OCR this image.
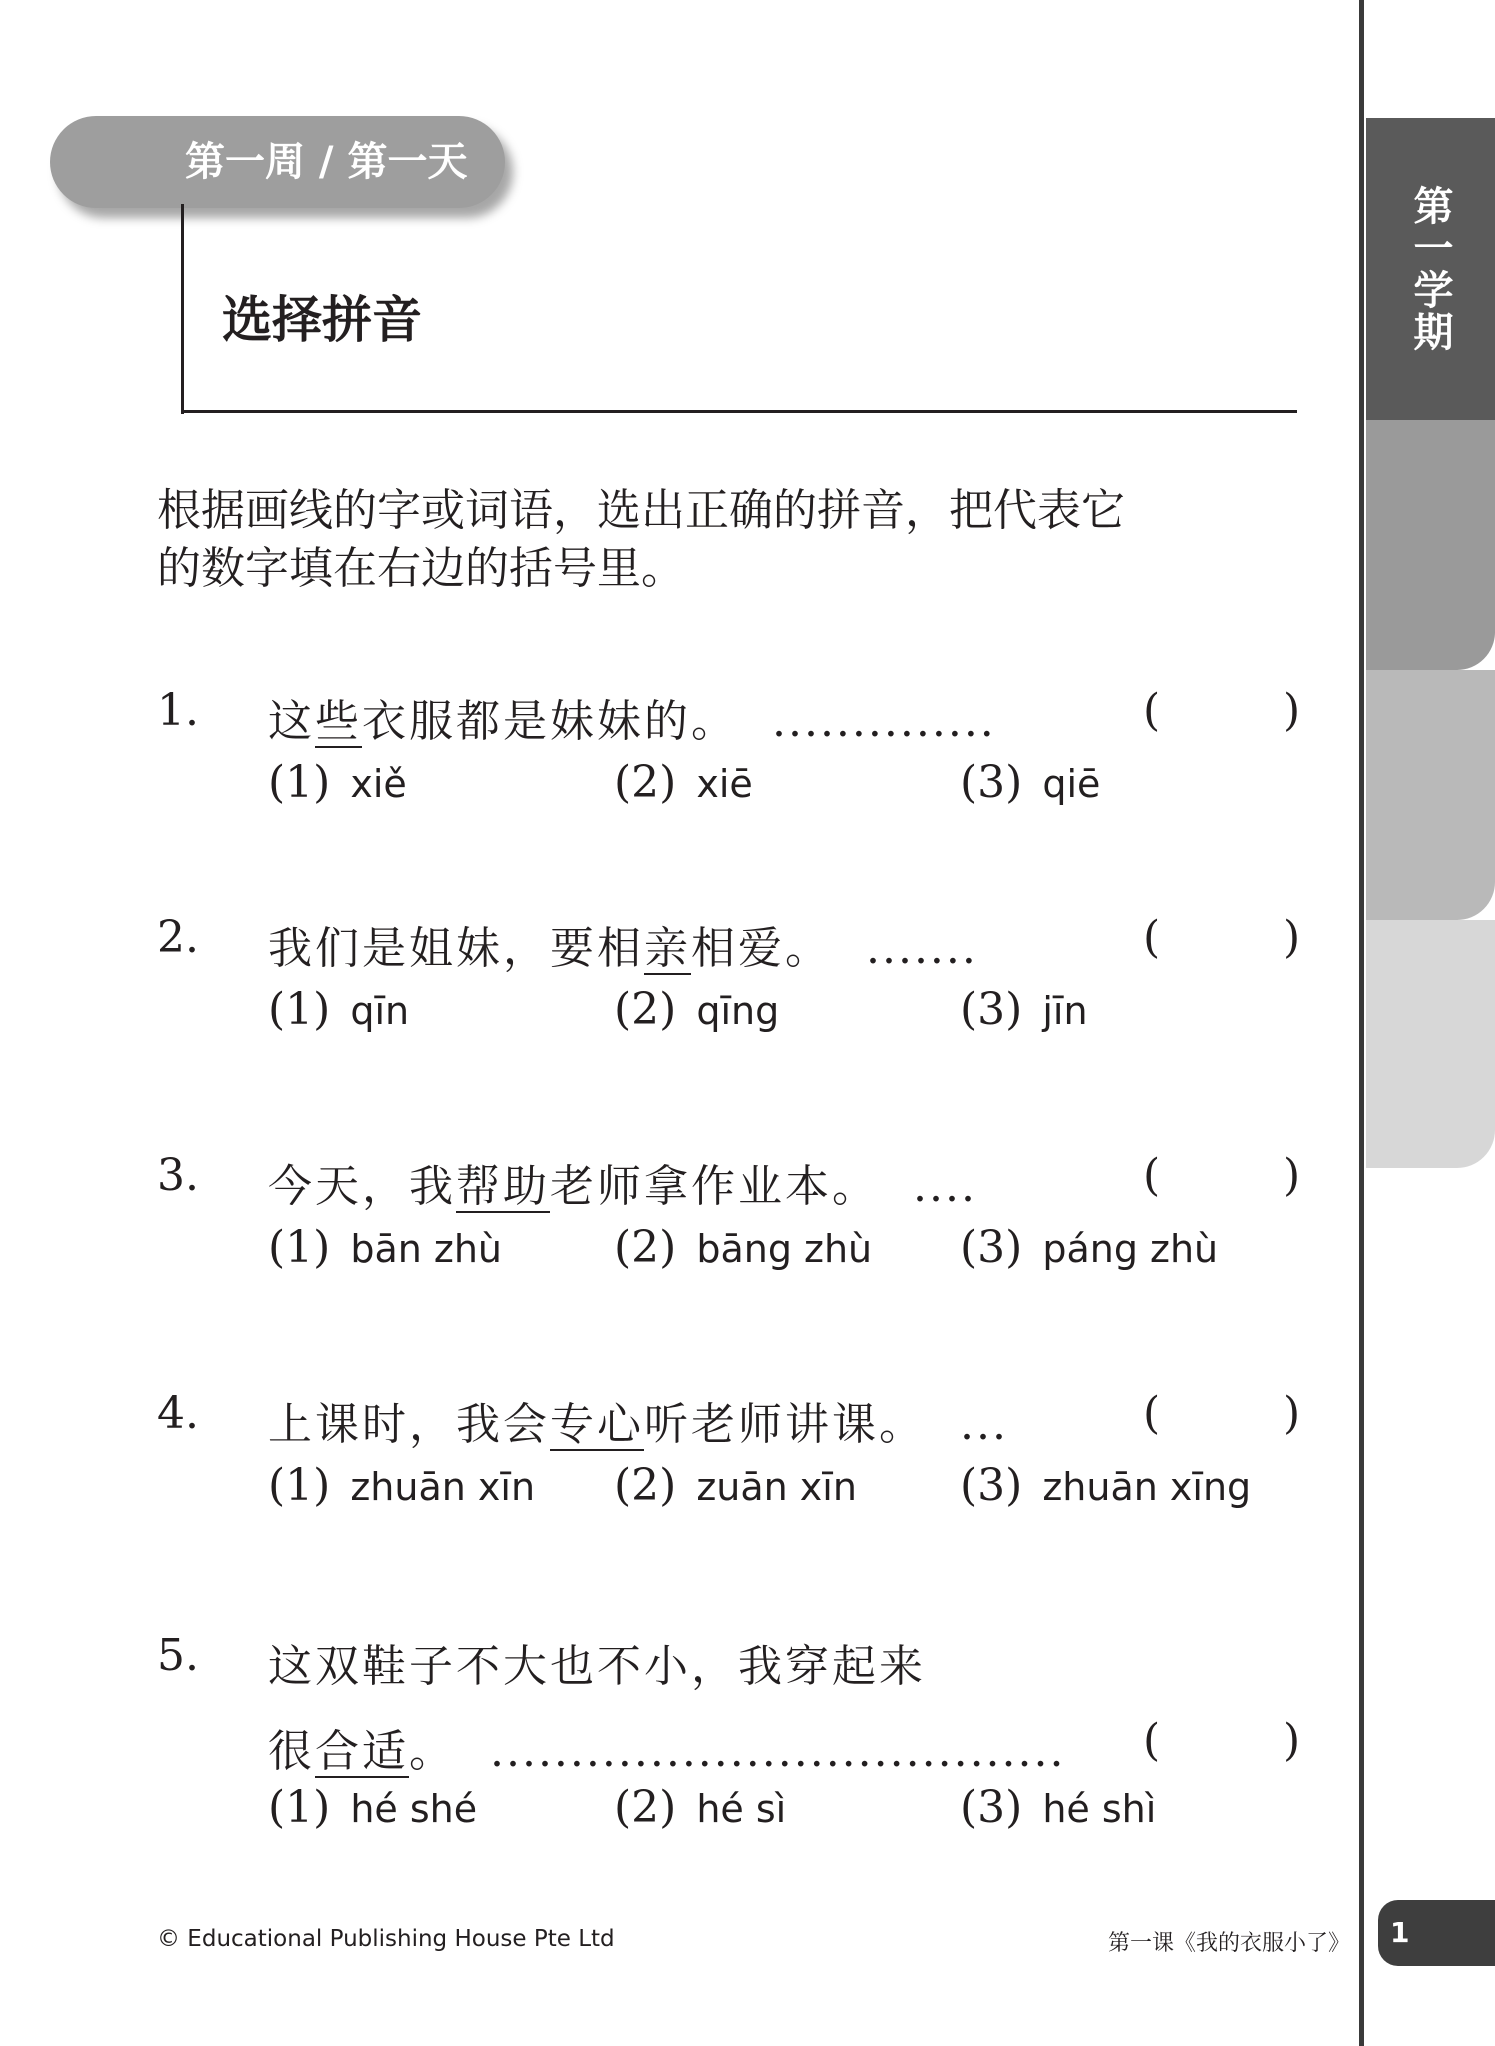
第一学期
第一周 / 第一天
选择拼音
根据画线的字或词语，选出正确的拼音，把代表它
的数字填在右边的括号里。
1. 这些衣服都是妹妹的。 ..............	(	)
(1) xiě	(2) xiē	(3) qiē
2. 我们是姐妹，要相亲相爱。 .......	(	)
(1) qīn	(2) qīng	(3) jīn
3. 今天，我帮助老师拿作业本。 ....	(	)
(1) bān zhù	(2) bāng zhù (3) páng zhù
4. 上课时，我会专心听老师讲课。 ...	(	)
(1) zhuān xīn (2) zuān xīn (3) zhuān xīng
5. 这双鞋子不大也不小，我穿起来
很合适。 .................................... (	)
(1) hé shé	(2) hé sì	(3) hé shì
© Educational Publishing House Pte Ltd	第一课《我的衣服小了》 1
